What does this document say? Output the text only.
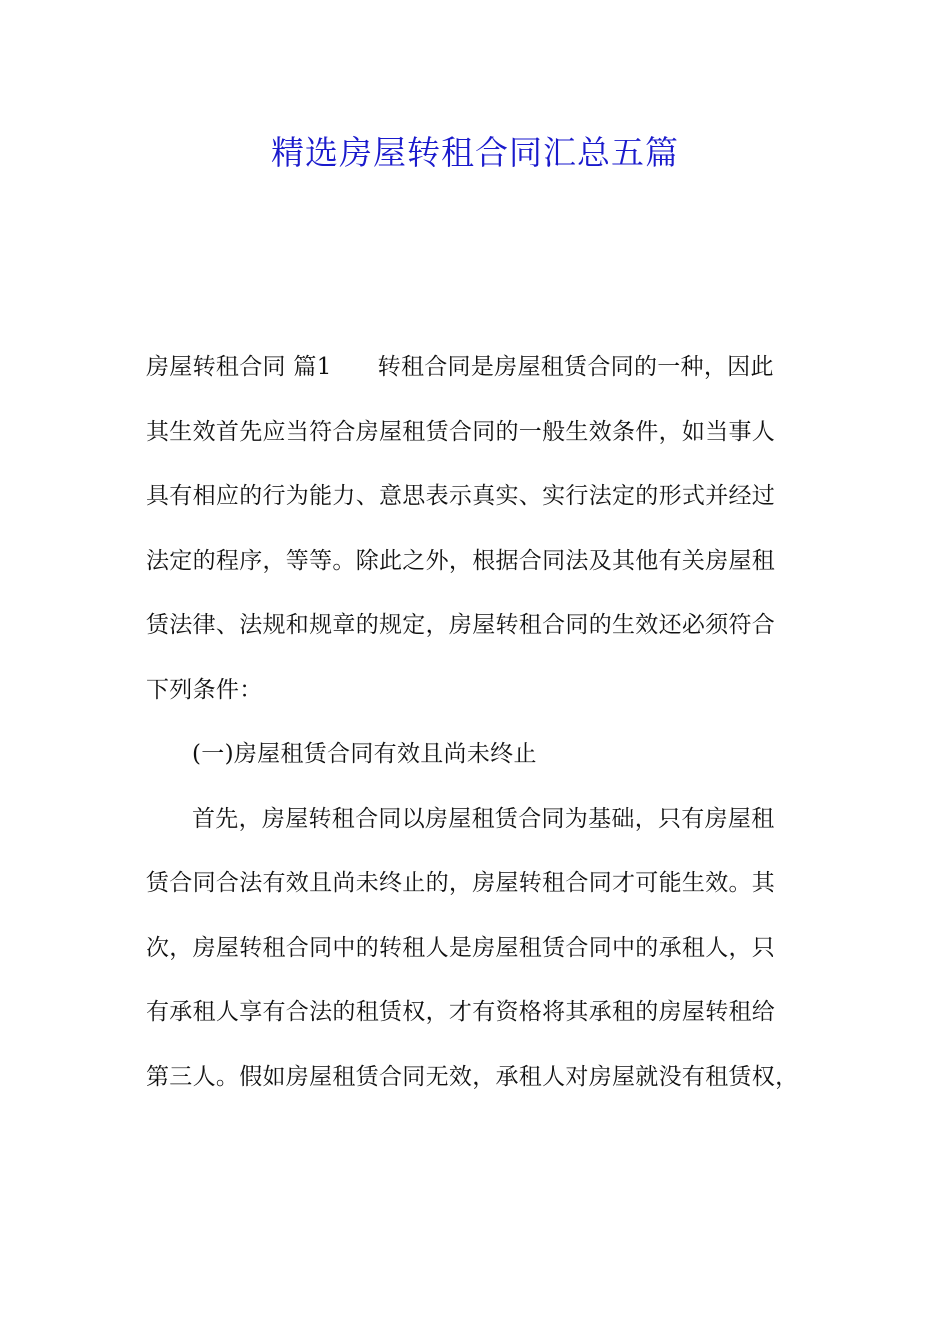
精选房屋转租合同汇总五篇
房屋转租合同 篇1 转租合同是房屋租赁合同的一种，因此
其生效首先应当符合房屋租赁合同的一般生效条件，如当事人
具有相应的行为能力、意思表示真实、实行法定的形式并经过
法定的程序，等等。除此之外，根据合同法及其他有关房屋租
赁法律、法规和规章的规定，房屋转租合同的生效还必须符合
下列条件：
(一)房屋租赁合同有效且尚未终止
首先，房屋转租合同以房屋租赁合同为基础，只有房屋租
赁合同合法有效且尚未终止的，房屋转租合同才可能生效。其
次，房屋转租合同中的转租人是房屋租赁合同中的承租人，只
有承租人享有合法的租赁权，才有资格将其承租的房屋转租给
第三人。假如房屋租赁合同无效，承租人对房屋就没有租赁权，
